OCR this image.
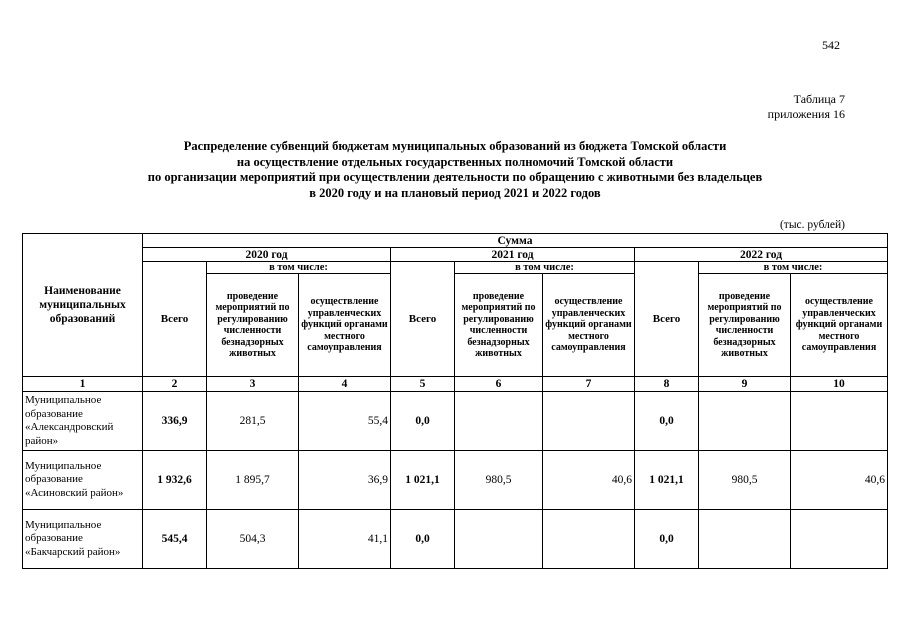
542
Таблица 7
приложения 16
Распределение субвенций бюджетам муниципальных образований из бюджета Томской области
на осуществление отдельных государственных полномочий Томской области
по организации мероприятий при осуществлении деятельности по обращению с животными без владельцев
в 2020 году и на плановый период 2021 и 2022 годов
(тыс. рублей)
Наименование муниципальных образований	Сумма								
	2020 год			2021 год			2022 год		
	Всего	в том числе:		Всего	в том числе:		Всего	в том числе:	
		проведение мероприятий по регулированию численности безнадзорных животных	осуществление управленческих функций органами местного самоуправления		проведение мероприятий по регулированию численности безнадзорных животных	осуществление управленческих функций органами местного самоуправления		проведение мероприятий по регулированию численности безнадзорных животных	осуществление управленческих функций органами местного самоуправления
1	2	3	4	5	6	7	8	9	10
Муниципальное образование «Александровский район»	336,9	281,5	55,4	0,0			0,0		
Муниципальное образование «Асиновский район»	1 932,6	1 895,7	36,9	1 021,1	980,5	40,6	1 021,1	980,5	40,6
Муниципальное образование «Бакчарский район»	545,4	504,3	41,1	0,0			0,0		
